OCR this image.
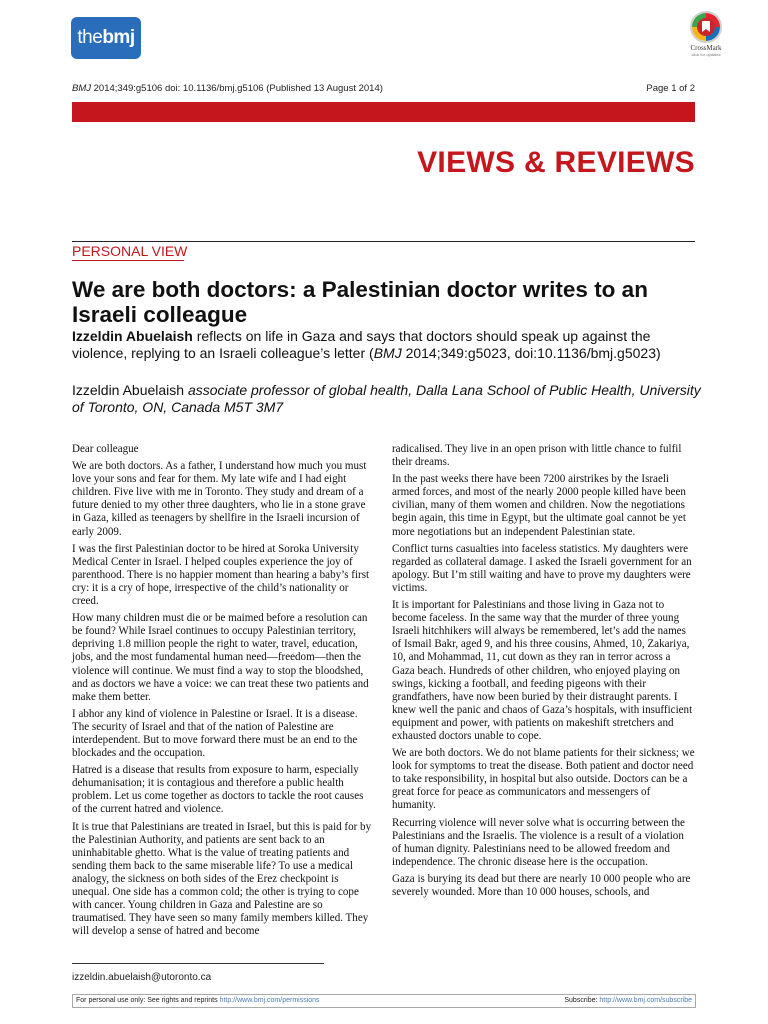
thebmj	CrossMark
click for updates
BMJ 2014;349:g5106 doi: 10.1136/bmj.g5106 (Published 13 August 2014)	Page 1 of 2
VIEWS & REVIEWS
PERSONAL VIEW
We are both doctors: a Palestinian doctor writes to an Israeli colleague
Izzeldin Abuelaish reflects on life in Gaza and says that doctors should speak up against the violence, replying to an Israeli colleague’s letter (BMJ 2014;349:g5023, doi:10.1136/bmj.g5023)
Izzeldin Abuelaish associate professor of global health, Dalla Lana School of Public Health, University of Toronto, ON, Canada M5T 3M7

Dear colleague

We are both doctors. As a father, I understand how much you must love your sons and fear for them. My late wife and I had eight children. Five live with me in Toronto. They study and dream of a future denied to my other three daughters, who lie in a stone grave in Gaza, killed as teenagers by shellfire in the Israeli incursion of early 2009.

I was the first Palestinian doctor to be hired at Soroka University Medical Center in Israel. I helped couples experience the joy of parenthood. There is no happier moment than hearing a baby’s first cry: it is a cry of hope, irrespective of the child’s nationality or creed.

How many children must die or be maimed before a resolution can be found? While Israel continues to occupy Palestinian territory, depriving 1.8 million people the right to water, travel, education, jobs, and the most fundamental human need—freedom—then the violence will continue. We must find a way to stop the bloodshed, and as doctors we have a voice: we can treat these two patients and make them better.

I abhor any kind of violence in Palestine or Israel. It is a disease. The security of Israel and that of the nation of Palestine are interdependent. But to move forward there must be an end to the blockades and the occupation.

Hatred is a disease that results from exposure to harm, especially dehumanisation; it is contagious and therefore a public health problem. Let us come together as doctors to tackle the root causes of the current hatred and violence.

It is true that Palestinians are treated in Israel, but this is paid for by the Palestinian Authority, and patients are sent back to an uninhabitable ghetto. What is the value of treating patients and sending them back to the same miserable life? To use a medical analogy, the sickness on both sides of the Erez checkpoint is unequal. One side has a common cold; the other is trying to cope with cancer. Young children in Gaza and Palestine are so traumatised. They have seen so many family members killed. They will develop a sense of hatred and become

radicalised. They live in an open prison with little chance to fulfil their dreams.

In the past weeks there have been 7200 airstrikes by the Israeli armed forces, and most of the nearly 2000 people killed have been civilian, many of them women and children. Now the negotiations begin again, this time in Egypt, but the ultimate goal cannot be yet more negotiations but an independent Palestinian state.

Conflict turns casualties into faceless statistics. My daughters were regarded as collateral damage. I asked the Israeli government for an apology. But I’m still waiting and have to prove my daughters were victims.

It is important for Palestinians and those living in Gaza not to become faceless. In the same way that the murder of three young Israeli hitchhikers will always be remembered, let’s add the names of Ismail Bakr, aged 9, and his three cousins, Ahmed, 10, Zakariya, 10, and Mohammad, 11, cut down as they ran in terror across a Gaza beach. Hundreds of other children, who enjoyed playing on swings, kicking a football, and feeding pigeons with their grandfathers, have now been buried by their distraught parents. I knew well the panic and chaos of Gaza’s hospitals, with insufficient equipment and power, with patients on makeshift stretchers and exhausted doctors unable to cope.

We are both doctors. We do not blame patients for their sickness; we look for symptoms to treat the disease. Both patient and doctor need to take responsibility, in hospital but also outside. Doctors can be a great force for peace as communicators and messengers of humanity.

Recurring violence will never solve what is occurring between the Palestinians and the Israelis. The violence is a result of a violation of human dignity. Palestinians need to be allowed freedom and independence. The chronic disease here is the occupation.

Gaza is burying its dead but there are nearly 10 000 people who are severely wounded. More than 10 000 houses, schools, and

izzeldin.abuelaish@utoronto.ca
For personal use only: See rights and reprints http://www.bmj.com/permissions	Subscribe: http://www.bmj.com/subscribe
